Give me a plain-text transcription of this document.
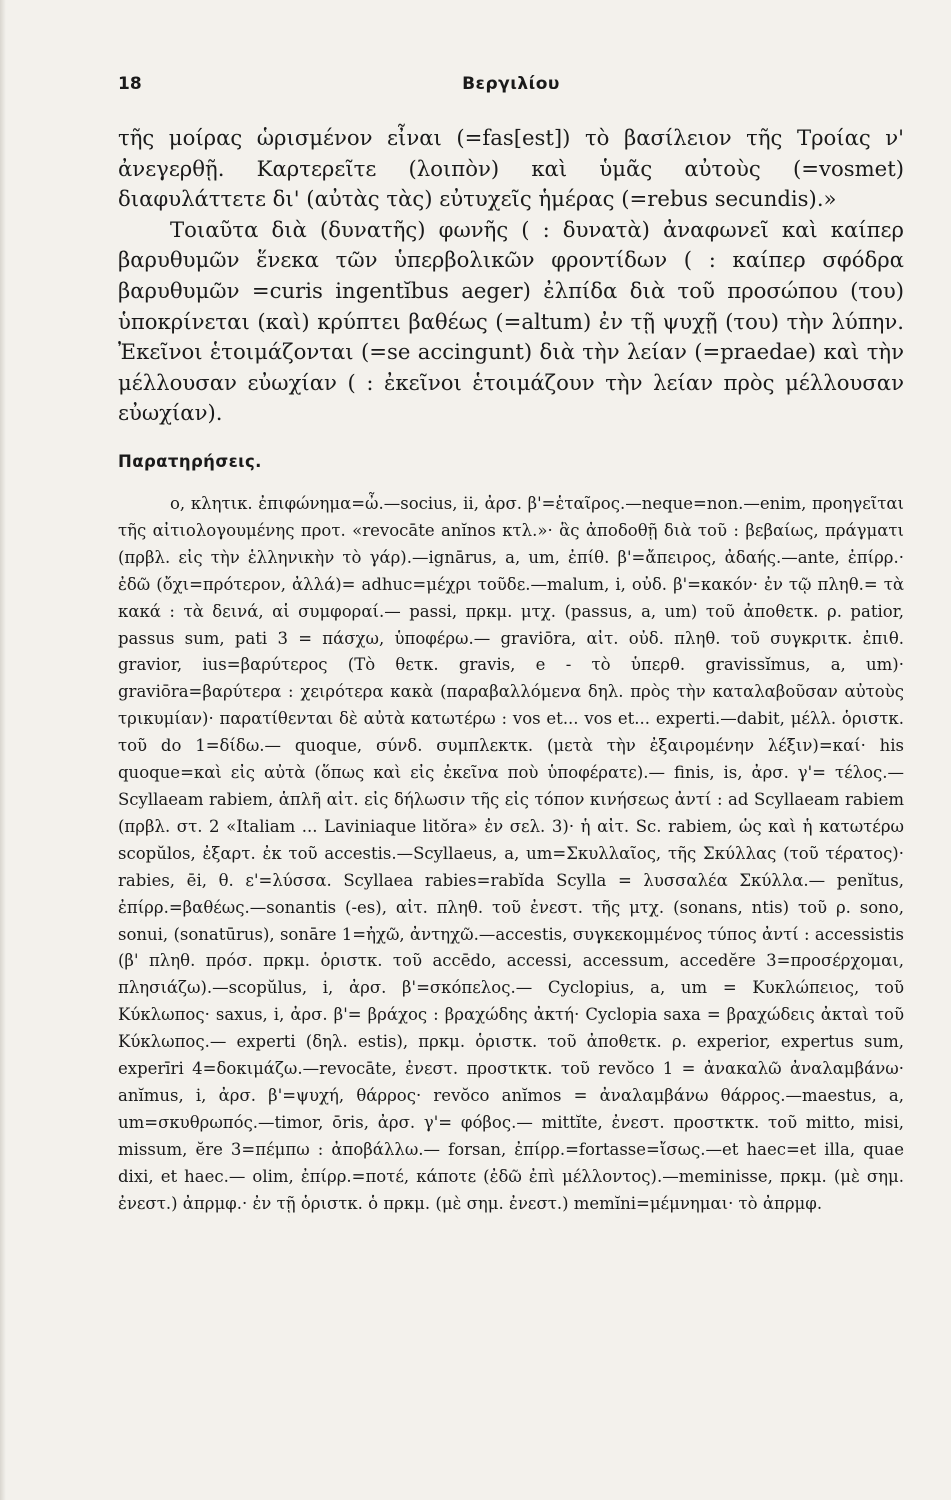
18	Βεργιλίου

τῆς μοίρας ὡρισμένον εἶναι (=fas[est]) τὸ βασίλειον τῆς Τροίας ν' ἀνεγερθῇ. Καρτερεῖτε (λοιπὸν) καὶ ὑμᾶς αὐτοὺς (=vosmet) διαφυλάττετε δι' (αὐτὰς τὰς) εὐτυχεῖς ἡμέρας (=rebus secundis).»

Τοιαῦτα διὰ (δυνατῆς) φωνῆς ( : δυνατὰ) ἀναφωνεῖ καὶ καίπερ βαρυθυμῶν ἕνεκα τῶν ὑπερβολικῶν φροντίδων ( : καίπερ σφόδρα βαρυθυμῶν =curis ingentĭbus aeger) ἐλπίδα διὰ τοῦ προσώπου (του) ὑποκρίνεται (καὶ) κρύπτει βαθέως (=altum) ἐν τῇ ψυχῇ (του) τὴν λύπην. Ἐκεῖνοι ἑτοιμάζονται (=se accingunt) διὰ τὴν λείαν (=praedae) καὶ τὴν μέλλουσαν εὐωχίαν ( : ἐκεῖνοι ἑτοιμάζουν τὴν λείαν πρὸς μέλλουσαν εὐωχίαν).

Παρατηρήσεις.

o, κλητικ. ἐπιφώνημα=ὦ.—socius, ii, ἀρσ. β'=ἑταῖρος.—neque=non.—enim, προηγεῖται τῆς αἰτιολογουμένης προτ. «revocāte anĭnos κτλ.»· ἃς ἀποδοθῇ διὰ τοῦ : βεβαίως, πράγματι (πρβλ. εἰς τὴν ἑλληνικὴν τὸ γάρ).—ignārus, a, um, ἐπίθ. β'=ἄπειρος, ἀδαής.—ante, ἐπίρρ.· ἐδῶ (ὄχι=πρότερον, ἀλλά)= adhuc=μέχρι τοῦδε.—malum, i, οὐδ. β'=κακόν· ἐν τῷ πληθ.= τὰ κακά : τὰ δεινά, αἱ συμφοραί.— passi, πρκμ. μτχ. (passus, a, um) τοῦ ἀποθετκ. ρ. patior, passus sum, pati 3 = πάσχω, ὑποφέρω.— graviōra, αἰτ. οὐδ. πληθ. τοῦ συγκριτκ. ἐπιθ. gravior, ius=βαρύτερος (Τὸ θετκ. gravis, e - τὸ ὑπερθ. gravissĭmus, a, um)· graviōra=βαρύτερα : χειρότερα κακὰ (παραβαλλόμενα δηλ. πρὸς τὴν καταλαβοῦσαν αὐτοὺς τρικυμίαν)· παρατίθενται δὲ αὐτὰ κατωτέρω : vos et... vos et... experti.—dabit, μέλλ. ὁριστκ. τοῦ do 1=δίδω.— quoque, σύνδ. συμπλεκτκ. (μετὰ τὴν ἐξαιρομένην λέξιν)=καί· his quoque=καὶ εἰς αὐτὰ (ὅπως καὶ εἰς ἐκεῖνα ποὺ ὑποφέρατε).— finis, is, ἀρσ. γ'= τέλος.— Scyllaeam rabiem, ἁπλῆ αἰτ. εἰς δήλωσιν τῆς εἰς τόπον κινήσεως ἀντί : ad Scyllaeam rabiem (πρβλ. στ. 2 «Italiam ... Laviniaque litŏra» ἐν σελ. 3)· ἡ αἰτ. Sc. rabiem, ὡς καὶ ἡ κατωτέρω scopŭlos, ἐξαρτ. ἐκ τοῦ accestis.—Scyllaeus, a, um=Σκυλλαῖος, τῆς Σκύλλας (τοῦ τέρατος)· rabies, ēi, θ. ε'=λύσσα. Scyllaea rabies=rabĭda Scylla = λυσσαλέα Σκύλλα.— penĭtus, ἐπίρρ.=βαθέως.—sonantis (-es), αἰτ. πληθ. τοῦ ἐνεστ. τῆς μτχ. (sonans, ntis) τοῦ ρ. sono, sonui, (sonatūrus), sonāre 1=ἠχῶ, ἀντηχῶ.—accestis, συγκεκομμένος τύπος ἀντί : accessistis (β' πληθ. πρόσ. πρκμ. ὁριστκ. τοῦ accēdo, accessi, accessum, accedĕre 3=προσέρχομαι, πλησιάζω).—scopŭlus, i, ἀρσ. β'=σκόπελος.— Cyclopius, a, um = Κυκλώπειος, τοῦ Κύκλωπος· saxus, i, ἀρσ. β'= βράχος : βραχώδης ἀκτή· Cyclopia saxa = βραχώδεις ἀκταὶ τοῦ Κύκλωπος.— experti (δηλ. estis), πρκμ. ὁριστκ. τοῦ ἀποθετκ. ρ. experior, expertus sum, experīri 4=δοκιμάζω.—revocāte, ἐνεστ. προστκτκ. τοῦ revŏco 1 = ἀνακαλῶ ἀναλαμβάνω· anĭmus, i, ἀρσ. β'=ψυχή, θάρρος· revŏco anĭmos = ἀναλαμβάνω θάρρος.—maestus, a, um=σκυθρωπός.—timor, ōris, ἀρσ. γ'= φόβος.— mittĭte, ἐνεστ. προστκτκ. τοῦ mitto, misi, missum, ĕre 3=πέμπω : ἀποβάλλω.— forsan, ἐπίρρ.=fortasse=ἴσως.—et haec=et illa, quae dixi, et haec.— olim, ἐπίρρ.=ποτέ, κάποτε (ἐδῶ ἐπὶ μέλλοντος).—meminisse, πρκμ. (μὲ σημ. ἐνεστ.) ἀπρμφ.· ἐν τῇ ὁριστκ. ὁ πρκμ. (μὲ σημ. ἐνεστ.) memĭni=μέμνημαι· τὸ ἀπρμφ.
